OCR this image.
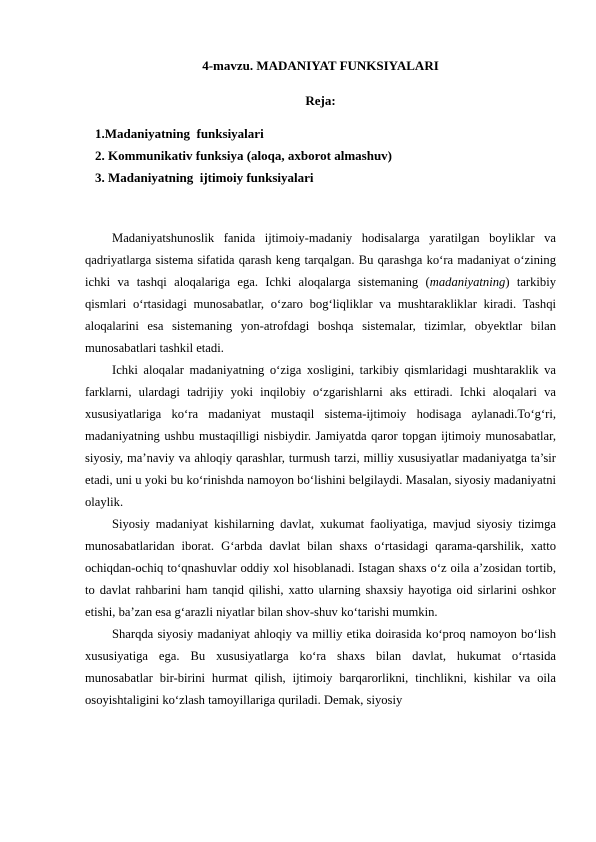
4-mavzu. MADANIYAT FUNKSIYALARI
Reja:
1.Madaniyatning  funksiyalari
2. Kommunikativ funksiya (aloqa, axborot almashuv)
3. Madaniyatning  ijtimoiy funksiyalari

Madaniyatshunoslik fanida ijtimoiy-madaniy hodisalarga yaratilgan boyliklar va qadriyatlarga sistema sifatida qarash keng tarqalgan. Bu qarashga ko‘ra madaniyat o‘zining ichki va tashqi aloqalariga ega. Ichki aloqalarga sistemaning (madaniyatning) tarkibiy qismlari o‘rtasidagi munosabatlar, o‘zaro bog‘liqliklar va mushtarakliklar kiradi. Tashqi aloqalarini esa sistemaning yon-atrofdagi boshqa sistemalar, tizimlar, obyektlar bilan munosabatlari tashkil etadi.

Ichki aloqalar madaniyatning o‘ziga xosligini, tarkibiy qismlaridagi mushtaraklik va farklarni, ulardagi tadrijiy yoki inqilobiy o‘zgarishlarni aks ettiradi. Ichki aloqalari va xususiyatlariga ko‘ra madaniyat mustaqil sistema-ijtimoiy hodisaga aylanadi.To‘g‘ri, madaniyatning ushbu mustaqilligi nisbiydir. Jamiyatda qaror topgan ijtimoiy munosabatlar, siyosiy, ma’naviy va ahloqiy qarashlar, turmush tarzi, milliy xususiyatlar madaniyatga ta’sir etadi, uni u yoki bu ko‘rinishda namoyon bo‘lishini belgilaydi. Masalan, siyosiy madaniyatni olaylik.

Siyosiy madaniyat kishilarning davlat, xukumat faoliyatiga, mavjud siyosiy tizimga munosabatlaridan iborat. G‘arbda davlat bilan shaxs o‘rtasidagi qarama-qarshilik, xatto ochiqdan-ochiq to‘qnashuvlar oddiy xol hisoblanadi. Istagan shaxs o‘z oila a’zosidan tortib, to davlat rahbarini ham tanqid qilishi, xatto ularning shaxsiy hayotiga oid sirlarini oshkor etishi, ba’zan esa g‘arazli niyatlar bilan shov-shuv ko‘tarishi mumkin.

Sharqda siyosiy madaniyat ahloqiy va milliy etika doirasida ko‘proq namoyon bo‘lish xususiyatiga ega. Bu xususiyatlarga ko‘ra shaxs bilan davlat, hukumat o‘rtasida munosabatlar bir-birini hurmat qilish, ijtimoiy barqarorlikni, tinchlikni, kishilar va oila osoyishtaligini ko‘zlash tamoyillariga quriladi. Demak, siyosiy
